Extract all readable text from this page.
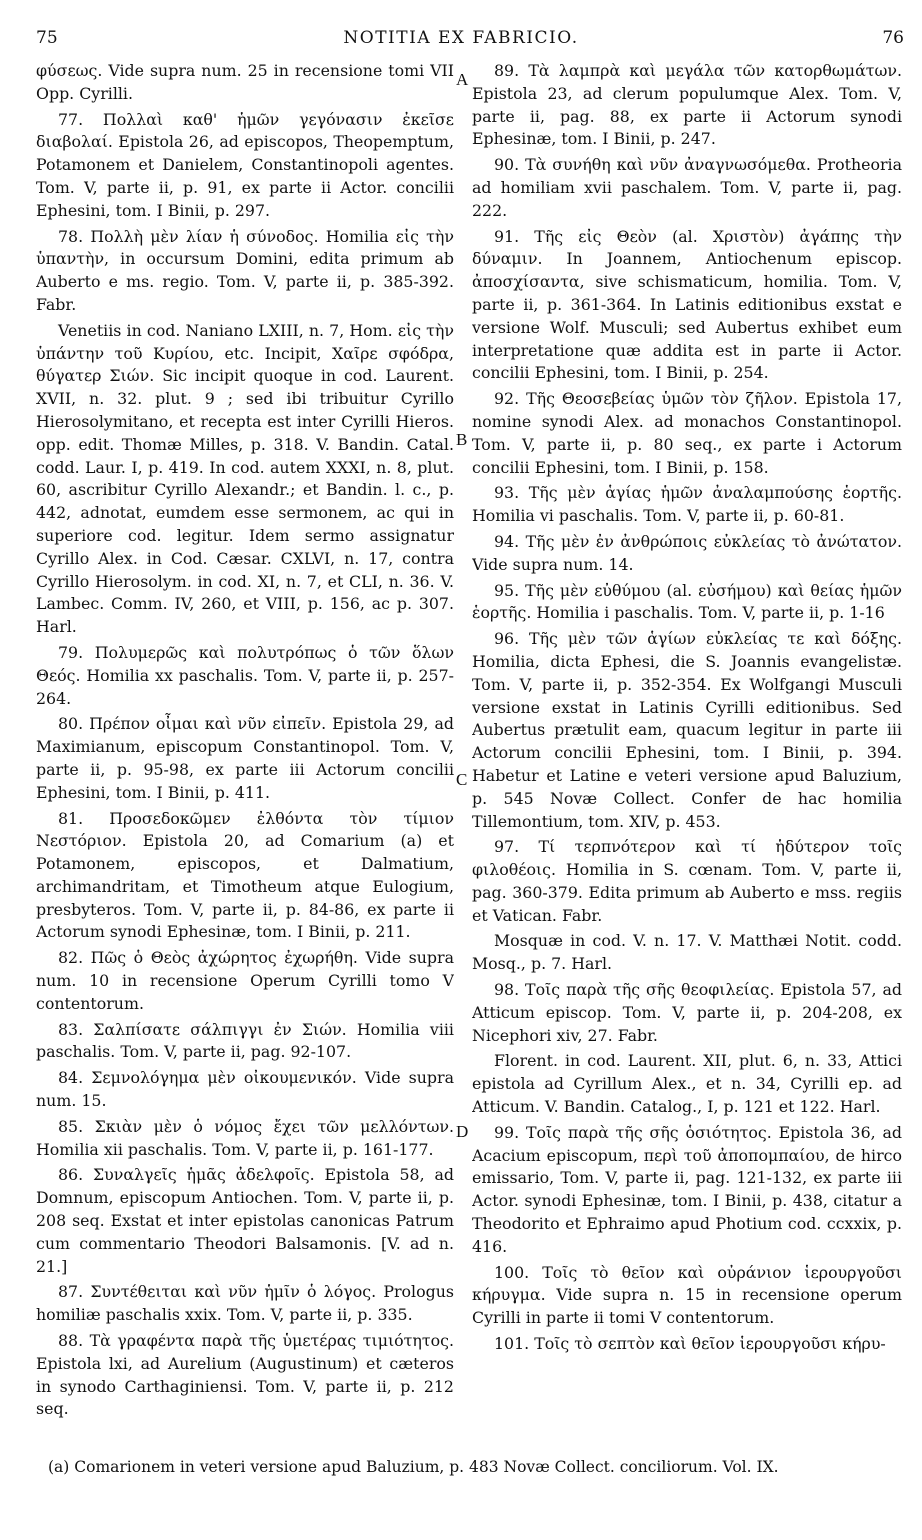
75	NOTITIA EX FABRICIO.	76

φύσεως. Vide supra num. 25 in recensione tomi VII Opp. Cyrilli.

77. Πολλαὶ καθ' ἡμῶν γεγόνασιν ἐκεῖσε διαβολαί. Epistola 26, ad episcopos, Theopemptum, Potamonem et Danielem, Constantinopoli agentes. Tom. V, parte ii, p. 91, ex parte ii Actor. concilii Ephesini, tom. I Binii, p. 297.

78. Πολλὴ μὲν λίαν ἡ σύνοδος. Homilia εἰς τὴν ὑπαντὴν, in occursum Domini, edita primum ab Auberto e ms. regio. Tom. V, parte ii, p. 385-392. Fabr.

Venetiis in cod. Naniano LXIII, n. 7, Hom. εἰς τὴν ὑπάντην τοῦ Κυρίου, etc. Incipit, Χαῖρε σφόδρα, θύγατερ Σιών. Sic incipit quoque in cod. Laurent. XVII, n. 32. plut. 9 ; sed ibi tribuitur Cyrillo Hierosolymitano, et recepta est inter Cyrilli Hieros. opp. edit. Thomæ Milles, p. 318. V. Bandin. Catal. codd. Laur. I, p. 419. In cod. autem XXXI, n. 8, plut. 60, ascribitur Cyrillo Alexandr.; et Bandin. l. c., p. 442, adnotat, eumdem esse sermonem, ac qui in superiore cod. legitur. Idem sermo assignatur Cyrillo Alex. in Cod. Cæsar. CXLVI, n. 17, contra Cyrillo Hierosolym. in cod. XI, n. 7, et CLI, n. 36. V. Lambec. Comm. IV, 260, et VIII, p. 156, ac p. 307. Harl.

79. Πολυμερῶς καὶ πολυτρόπως ὁ τῶν ὅλων Θεός. Homilia xx paschalis. Tom. V, parte ii, p. 257-264.

80. Πρέπον οἶμαι καὶ νῦν εἰπεῖν. Epistola 29, ad Maximianum, episcopum Constantinopol. Tom. V, parte ii, p. 95-98, ex parte iii Actorum concilii Ephesini, tom. I Binii, p. 411.

81. Προσεδοκῶμεν ἐλθόντα τὸν τίμιον Νεστόριον. Epistola 20, ad Comarium (a) et Potamonem, episcopos, et Dalmatium, archimandritam, et Timotheum atque Eulogium, presbyteros. Tom. V, parte ii, p. 84-86, ex parte ii Actorum synodi Ephesinæ, tom. I Binii, p. 211.

82. Πῶς ὁ Θεὸς ἀχώρητος ἐχωρήθη. Vide supra num. 10 in recensione Operum Cyrilli tomo V contentorum.

83. Σαλπίσατε σάλπιγγι ἐν Σιών. Homilia viii paschalis. Tom. V, parte ii, pag. 92-107.

84. Σεμνολόγημα μὲν οἰκουμενικόν. Vide supra num. 15.

85. Σκιὰν μὲν ὁ νόμος ἔχει τῶν μελλόντων. Homilia xii paschalis. Tom. V, parte ii, p. 161-177.

86. Συναλγεῖς ἡμᾶς ἀδελφοῖς. Epistola 58, ad Domnum, episcopum Antiochen. Tom. V, parte ii, p. 208 seq. Exstat et inter epistolas canonicas Patrum cum commentario Theodori Balsamonis. [V. ad n. 21.]

87. Συντέθειται καὶ νῦν ἡμῖν ὁ λόγος. Prologus homiliæ paschalis xxix. Tom. V, parte ii, p. 335.

88. Τὰ γραφέντα παρὰ τῆς ὑμετέρας τιμιότητος. Epistola lxi, ad Aurelium (Augustinum) et cæteros in synodo Carthaginiensi. Tom. V, parte ii, p. 212 seq.

89. Τὰ λαμπρὰ καὶ μεγάλα τῶν κατορθωμάτων. Epistola 23, ad clerum populumque Alex. Tom. V, parte ii, pag. 88, ex parte ii Actorum synodi Ephesinæ, tom. I Binii, p. 247.

90. Τὰ συνήθη καὶ νῦν ἀναγνωσόμεθα. Protheoria ad homiliam xvii paschalem. Tom. V, parte ii, pag. 222.

91. Τῆς εἰς Θεὸν (al. Χριστὸν) ἀγάπης τὴν δύναμιν. In Joannem, Antiochenum episcop. ἀποσχίσαντα, sive schismaticum, homilia. Tom. V, parte ii, p. 361-364. In Latinis editionibus exstat e versione Wolf. Musculi; sed Aubertus exhibet eum interpretatione quæ addita est in parte ii Actor. concilii Ephesini, tom. I Binii, p. 254.

92. Τῆς Θεοσεβείας ὑμῶν τὸν ζῆλον. Epistola 17, nomine synodi Alex. ad monachos Constantinopol. Tom. V, parte ii, p. 80 seq., ex parte i Actorum concilii Ephesini, tom. I Binii, p. 158.

93. Τῆς μὲν ἁγίας ἡμῶν ἀναλαμπούσης ἑορτῆς. Homilia vi paschalis. Tom. V, parte ii, p. 60-81.

94. Τῆς μὲν ἐν ἀνθρώποις εὐκλείας τὸ ἀνώτατον. Vide supra num. 14.

95. Τῆς μὲν εὐθύμου (al. εὐσήμου) καὶ θείας ἡμῶν ἑορτῆς. Homilia i paschalis. Tom. V, parte ii, p. 1-16

96. Τῆς μὲν τῶν ἁγίων εὐκλείας τε καὶ δόξης. Homilia, dicta Ephesi, die S. Joannis evangelistæ. Tom. V, parte ii, p. 352-354. Ex Wolfgangi Musculi versione exstat in Latinis Cyrilli editionibus. Sed Aubertus prætulit eam, quacum legitur in parte iii Actorum concilii Ephesini, tom. I Binii, p. 394. Habetur et Latine e veteri versione apud Baluzium, p. 545 Novæ Collect. Confer de hac homilia Tillemontium, tom. XIV, p. 453.

97. Τί τερπνότερον καὶ τί ἡδύτερον τοῖς φιλοθέοις. Homilia in S. cœnam. Tom. V, parte ii, pag. 360-379. Edita primum ab Auberto e mss. regiis et Vatican. Fabr.

Mosquæ in cod. V. n. 17. V. Matthæi Notit. codd. Mosq., p. 7. Harl.

98. Τοῖς παρὰ τῆς σῆς θεοφιλείας. Epistola 57, ad Atticum episcop. Tom. V, parte ii, p. 204-208, ex Nicephori xiv, 27. Fabr.

Florent. in cod. Laurent. XII, plut. 6, n. 33, Attici epistola ad Cyrillum Alex., et n. 34, Cyrilli ep. ad Atticum. V. Bandin. Catalog., I, p. 121 et 122. Harl.

99. Τοῖς παρὰ τῆς σῆς ὁσιότητος. Epistola 36, ad Acacium episcopum, περὶ τοῦ ἀποπομπαίου, de hirco emissario, Tom. V, parte ii, pag. 121-132, ex parte iii Actor. synodi Ephesinæ, tom. I Binii, p. 438, citatur a Theodorito et Ephraimo apud Photium cod. ccxxix, p. 416.

100. Τοῖς τὸ θεῖον καὶ οὐράνιον ἱερουργοῦσι κήρυγμα. Vide supra n. 15 in recensione operum Cyrilli in parte ii tomi V contentorum.

101. Τοῖς τὸ σεπτὸν καὶ θεῖον ἱερουργοῦσι κήρυ-

A
B
C
D
(a) Comarionem in veteri versione apud Baluzium, p. 483 Novæ Collect. conciliorum. Vol. IX.
